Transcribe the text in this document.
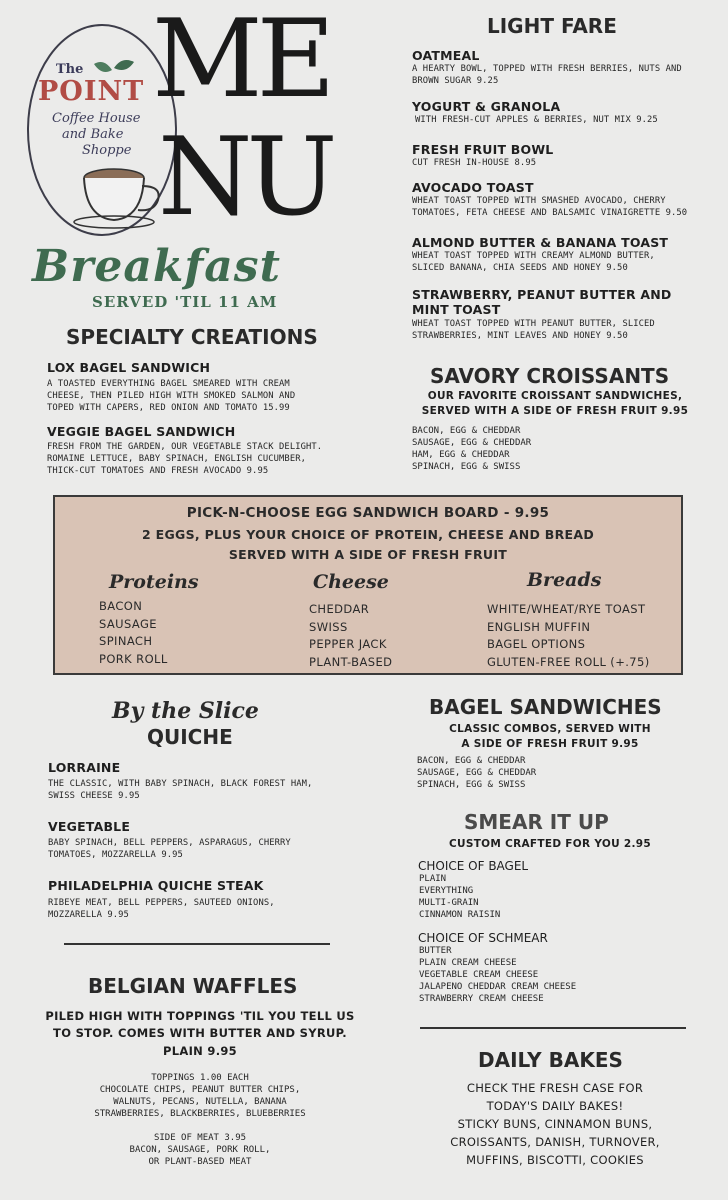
The
POINT
Coffee House
and Bake
Shoppe
ME
NU
Breakfast
SERVED 'TIL 11 AM
LIGHT FARE
OATMEAL
A HEARTY BOWL, TOPPED WITH FRESH BERRIES, NUTS AND
BROWN SUGAR 9.25
YOGURT & GRANOLA
WITH FRESH-CUT APPLES & BERRIES, NUT MIX 9.25
FRESH FRUIT BOWL
CUT FRESH IN-HOUSE 8.95
AVOCADO TOAST
WHEAT TOAST TOPPED WITH SMASHED AVOCADO, CHERRY
TOMATOES, FETA CHEESE AND BALSAMIC VINAIGRETTE 9.50
ALMOND BUTTER & BANANA TOAST
WHEAT TOAST TOPPED WITH CREAMY ALMOND BUTTER,
SLICED BANANA, CHIA SEEDS AND HONEY 9.50
STRAWBERRY, PEANUT BUTTER AND
MINT TOAST
WHEAT TOAST TOPPED WITH PEANUT BUTTER, SLICED
STRAWBERRIES, MINT LEAVES AND HONEY 9.50
SPECIALTY CREATIONS
LOX BAGEL SANDWICH
A TOASTED EVERYTHING BAGEL SMEARED WITH CREAM
CHEESE, THEN PILED HIGH WITH SMOKED SALMON AND
TOPED WITH CAPERS, RED ONION AND TOMATO 15.99
VEGGIE BAGEL SANDWICH
FRESH FROM THE GARDEN, OUR VEGETABLE STACK DELIGHT.
ROMAINE LETTUCE, BABY SPINACH, ENGLISH CUCUMBER,
THICK-CUT TOMATOES AND FRESH AVOCADO 9.95
SAVORY CROISSANTS
OUR FAVORITE CROISSANT SANDWICHES,
SERVED WITH A SIDE OF FRESH FRUIT 9.95
BACON, EGG & CHEDDAR
SAUSAGE, EGG & CHEDDAR
HAM, EGG & CHEDDAR
SPINACH, EGG & SWISS
PICK-N-CHOOSE EGG SANDWICH BOARD - 9.95
2 EGGS, PLUS YOUR CHOICE OF PROTEIN, CHEESE AND BREAD
SERVED WITH A SIDE OF FRESH FRUIT
Proteins
BACON
SAUSAGE
SPINACH
PORK ROLL
Cheese
CHEDDAR
SWISS
PEPPER JACK
PLANT-BASED
Breads
WHITE/WHEAT/RYE TOAST
ENGLISH MUFFIN
BAGEL OPTIONS
GLUTEN-FREE ROLL (+.75)
By the Slice
QUICHE
LORRAINE
THE CLASSIC, WITH BABY SPINACH, BLACK FOREST HAM,
SWISS CHEESE 9.95
VEGETABLE
BABY SPINACH, BELL PEPPERS, ASPARAGUS, CHERRY
TOMATOES, MOZZARELLA 9.95
PHILADELPHIA QUICHE STEAK
RIBEYE MEAT, BELL PEPPERS, SAUTEED ONIONS,
MOZZARELLA 9.95
BELGIAN WAFFLES
PILED HIGH WITH TOPPINGS 'TIL YOU TELL US
TO STOP. COMES WITH BUTTER AND SYRUP.
PLAIN 9.95
TOPPINGS 1.00 EACH
CHOCOLATE CHIPS, PEANUT BUTTER CHIPS,
WALNUTS, PECANS, NUTELLA, BANANA
STRAWBERRIES, BLACKBERRIES, BLUEBERRIES
SIDE OF MEAT 3.95
BACON, SAUSAGE, PORK ROLL,
OR PLANT-BASED MEAT
BAGEL SANDWICHES
CLASSIC COMBOS, SERVED WITH
A SIDE OF FRESH FRUIT 9.95
BACON, EGG & CHEDDAR
SAUSAGE, EGG & CHEDDAR
SPINACH, EGG & SWISS
SMEAR IT UP
CUSTOM CRAFTED FOR YOU 2.95
CHOICE OF BAGEL
PLAIN
EVERYTHING
MULTI-GRAIN
CINNAMON RAISIN
CHOICE OF SCHMEAR
BUTTER
PLAIN CREAM CHEESE
VEGETABLE CREAM CHEESE
JALAPENO CHEDDAR CREAM CHEESE
STRAWBERRY CREAM CHEESE
DAILY BAKES
CHECK THE FRESH CASE FOR
TODAY'S DAILY BAKES!
STICKY BUNS, CINNAMON BUNS,
CROISSANTS, DANISH, TURNOVER,
MUFFINS, BISCOTTI, COOKIES
